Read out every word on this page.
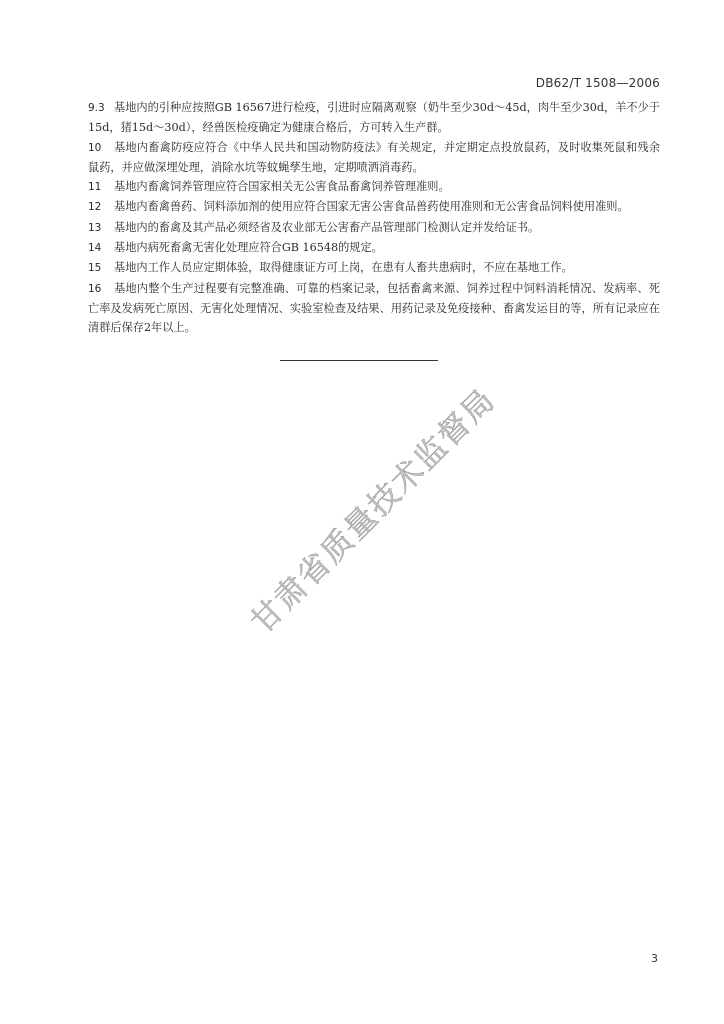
DB62/T 1508—2006

9.3 基地内的引种应按照GB 16567进行检疫，引进时应隔离观察（奶牛至少30d～45d，肉牛至少30d，羊不少于15d，猪15d～30d），经兽医检疫确定为健康合格后，方可转入生产群。

10 基地内畜禽防疫应符合《中华人民共和国动物防疫法》有关规定，并定期定点投放鼠药，及时收集死鼠和残余鼠药，并应做深埋处理，消除水坑等蚊蝇孳生地，定期喷洒消毒药。

11 基地内畜禽饲养管理应符合国家相关无公害食品畜禽饲养管理准则。

12 基地内畜禽兽药、饲料添加剂的使用应符合国家无害公害食品兽药使用准则和无公害食品饲料使用准则。

13 基地内的畜禽及其产品必须经省及农业部无公害畜产品管理部门检测认定并发给证书。

14 基地内病死畜禽无害化处理应符合GB 16548的规定。

15 基地内工作人员应定期体验，取得健康证方可上岗，在患有人畜共患病时，不应在基地工作。

16 基地内整个生产过程要有完整准确、可靠的档案记录，包括畜禽来源、饲养过程中饲料消耗情况、发病率、死亡率及发病死亡原因、无害化处理情况、实验室检查及结果、用药记录及免疫接种、畜禽发运目的等，所有记录应在清群后保存2年以上。

甘肃省质量技术监督局
3
